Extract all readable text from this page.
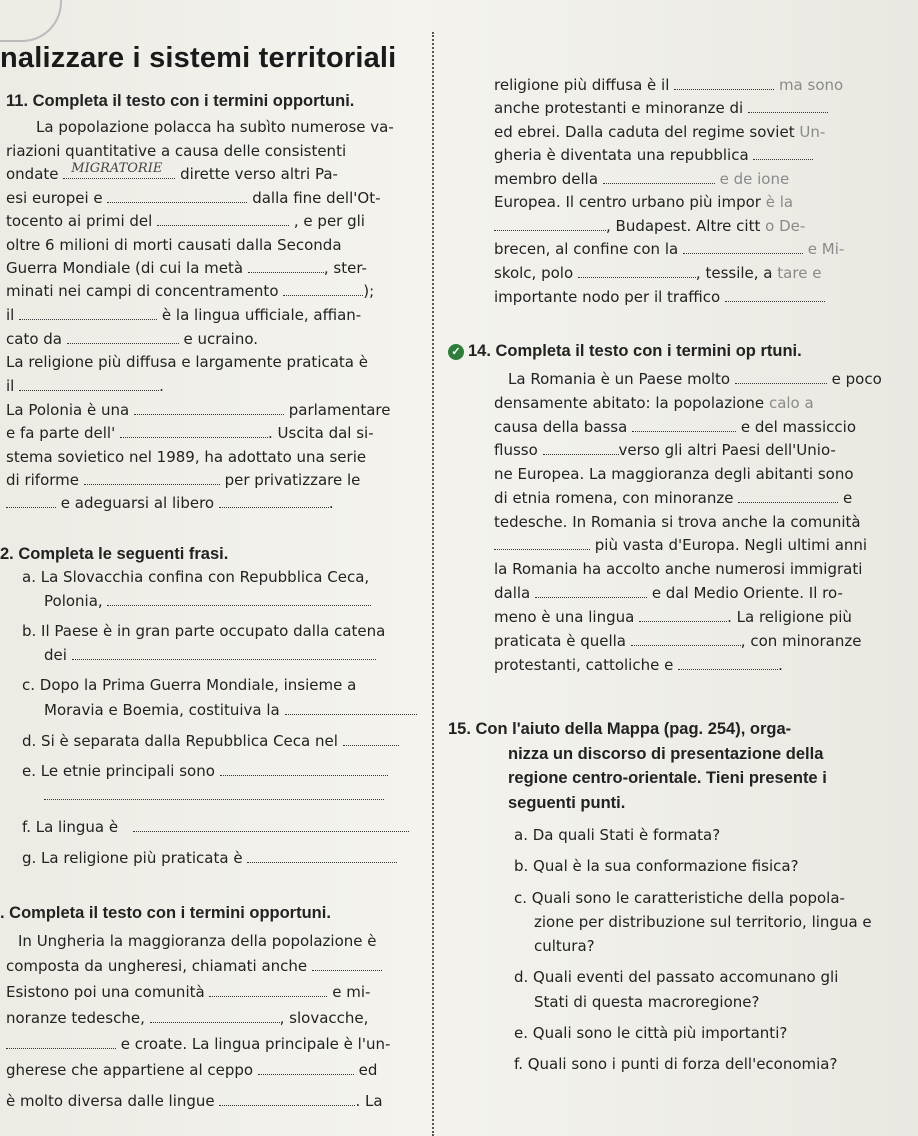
nalizzare i sistemi territoriali
11. Completa il testo con i termini opportuni.
La popolazione polacca ha subìto numerose va-
riazioni quantitative a causa delle consistenti
ondate MIGRATORIE dirette verso altri Pa-
esi europei e	dalla fine dell'Ot-
tocento ai primi del	, e per gli
oltre 6 milioni di morti causati dalla Seconda
Guerra Mondiale (di cui la metà	, ster-
minati nei campi di concentramento	);
il	è la lingua ufficiale, affian-
cato da	e ucraino.
La religione più diffusa e largamente praticata è
il	.
La Polonia è una	parlamentare
e fa parte dell'	. Uscita dal si-
stema sovietico nel 1989, ha adottato una serie
di riforme	per privatizzare le
e adeguarsi al libero	.
2. Completa le seguenti frasi.
a. La Slovacchia confina con Repubblica Ceca,
Polonia,
b. Il Paese è in gran parte occupato dalla catena
dei
c. Dopo la Prima Guerra Mondiale, insieme a
Moravia e Boemia, costituiva la
d. Si è separata dalla Repubblica Ceca nel
e. Le etnie principali sono
f. La lingua è
g. La religione più praticata è
. Completa il testo con i termini opportuni.
In Ungheria la maggioranza della popolazione è
composta da ungheresi, chiamati anche
Esistono poi una comunità	e mi-
noranze tedesche,	, slovacche,
e croate. La lingua principale è l'un-
gherese che appartiene al ceppo	ed
è molto diversa dalle lingue	. La
religione più diffusa è il	ma sono
anche protestanti e minoranze di
ed ebrei. Dalla caduta del regime soviet Un-
gheria è diventata una repubblica
membro della	e de ione
Europea. Il centro urbano più impor è la
, Budapest. Altre citt o De-
brecen, al confine con la	e Mi-
skolc, polo	, tessile, a tare e
importante nodo per il traffico
✓ 14. Completa il testo con i termini op rtuni.
La Romania è un Paese molto	e poco
densamente abitato: la popolazione calo a
causa della bassa	e del massiccio
flusso	verso gli altri Paesi dell'Unio-
ne Europea. La maggioranza degli abitanti sono
di etnia romena, con minoranze	e
tedesche. In Romania si trova anche la comunità
più vasta d'Europa. Negli ultimi anni
la Romania ha accolto anche numerosi immigrati
dalla	e dal Medio Oriente. Il ro-
meno è una lingua	. La religione più
praticata è quella	, con minoranze
protestanti, cattoliche e	.
15. Con l'aiuto della Mappa (pag. 254), orga-
nizza un discorso di presentazione della
regione centro-orientale. Tieni presente i
seguenti punti.
a. Da quali Stati è formata?
b. Qual è la sua conformazione fisica?
c. Quali sono le caratteristiche della popola-
zione per distribuzione sul territorio, lingua e
cultura?
d. Quali eventi del passato accomunano gli
Stati di questa macroregione?
e. Quali sono le città più importanti?
f. Quali sono i punti di forza dell'economia?
